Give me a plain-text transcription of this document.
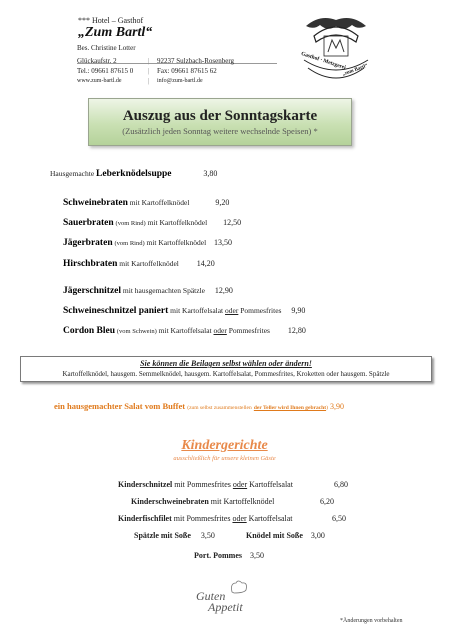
*** Hotel – Gasthof
„Zum Bartl“
Bes. Christine Lotter
Glückaufstr. 2	| 92237 Sulzbach-Rosenberg
Tel.: 09661 87615 0 | Fax: 09661 87615 62
www.zum-bartl.de	| info@zum-bartl.de
Gasthof · Metzgerei
„zum Bartl“
Auszug aus der Sonntagskarte
(Zusätzlich jeden Sonntag weitere wechselnde Speisen) *
Hausgemachte Leberknödelsuppe	3,80
Schweinebraten mit Kartoffelknödel	9,20
Sauerbraten (vom Rind) mit Kartoffelknödel 12,50
Jägerbraten (vom Rind) mit Kartoffelknödel 13,50
Hirschbraten mit Kartoffelknödel 14,20
Jägerschnitzel mit hausgemachten Spätzle 12,90
Schweineschnitzel paniert mit Kartoffelsalat oder Pommesfrites 9,90
Cordon Bleu (vom Schwein) mit Kartoffelsalat oder Pommesfrites 12,80
Sie können die Beilagen selbst wählen oder ändern!
Kartoffelknödel, hausgem. Semmelknödel, hausgem. Kartoffelsalat, Pommesfrites, Kroketten oder hausgem. Spätzle
ein hausgemachter Salat vom Buffet (zum selbst zusammenstellen der Teller wird Ihnen gebracht) 3,90
Kindergerichte
ausschließlich für unsere kleinen Gäste
Kinderschnitzel mit Pommesfrites oder Kartoffelsalat	6,80
Kinderschweinebraten mit Kartoffelknödel	6,20
Kinderfischfilet mit Pommesfrites oder Kartoffelsalat	6,50
Spätzle mit Soße 3,50	Knödel mit Soße 3,00
Port. Pommes 3,50
Guten
Appetit
*Änderungen vorbehalten
